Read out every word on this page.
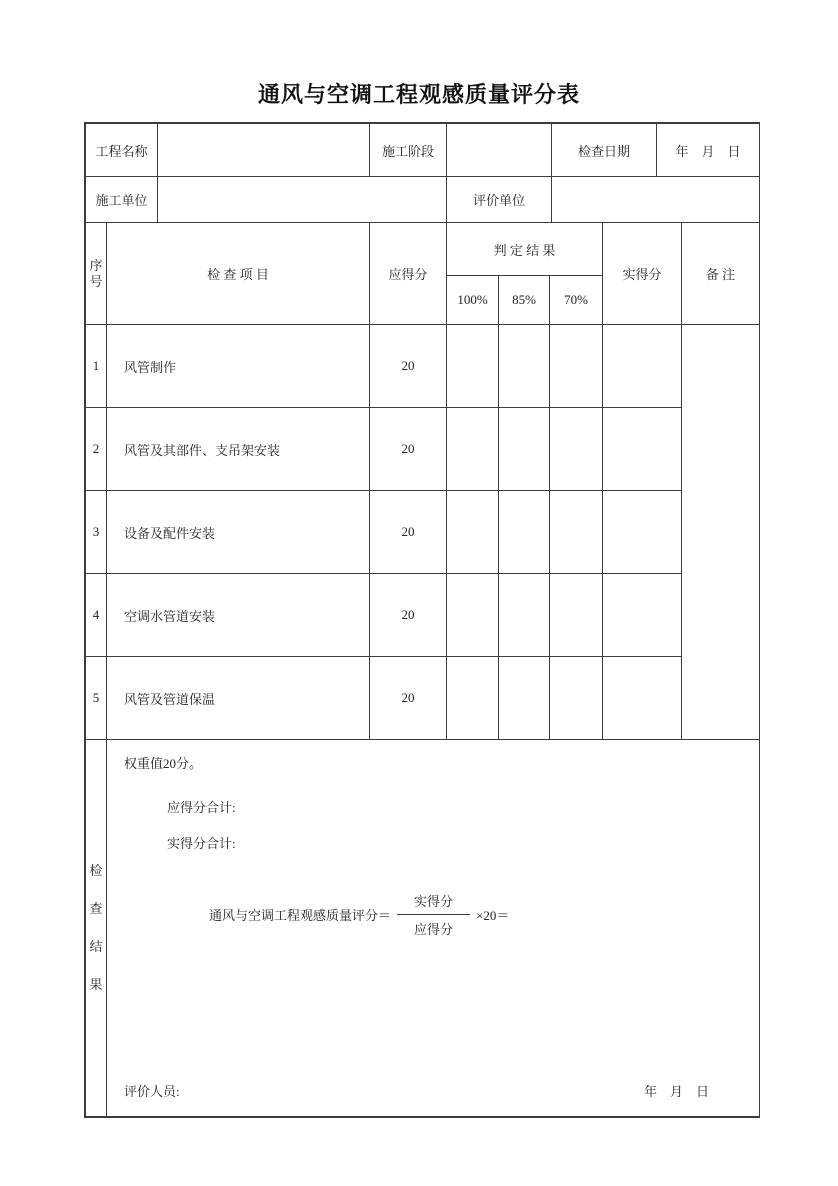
通风与空调工程观感质量评分表
工程名称		施工阶段		检查日期	年　月　日
施工单位			评价单位		
序号	检 查 项 目	应得分	判 定 结 果			实得分	备 注
			100%	85%	70%		
1	风管制作	20					
2	风管及其部件、支吊架安装	20					
3	设备及配件安装	20					
4	空调水管道安装	20					
5	风管及管道保温	20					
检查结果	
权重值20分。
应得分合计:
实得分合计:
通风与空调工程观感质量评分＝ $\frac{\text{实得分}}{\text{应得分}} \times 20=$
评价人员:	年　月　日
